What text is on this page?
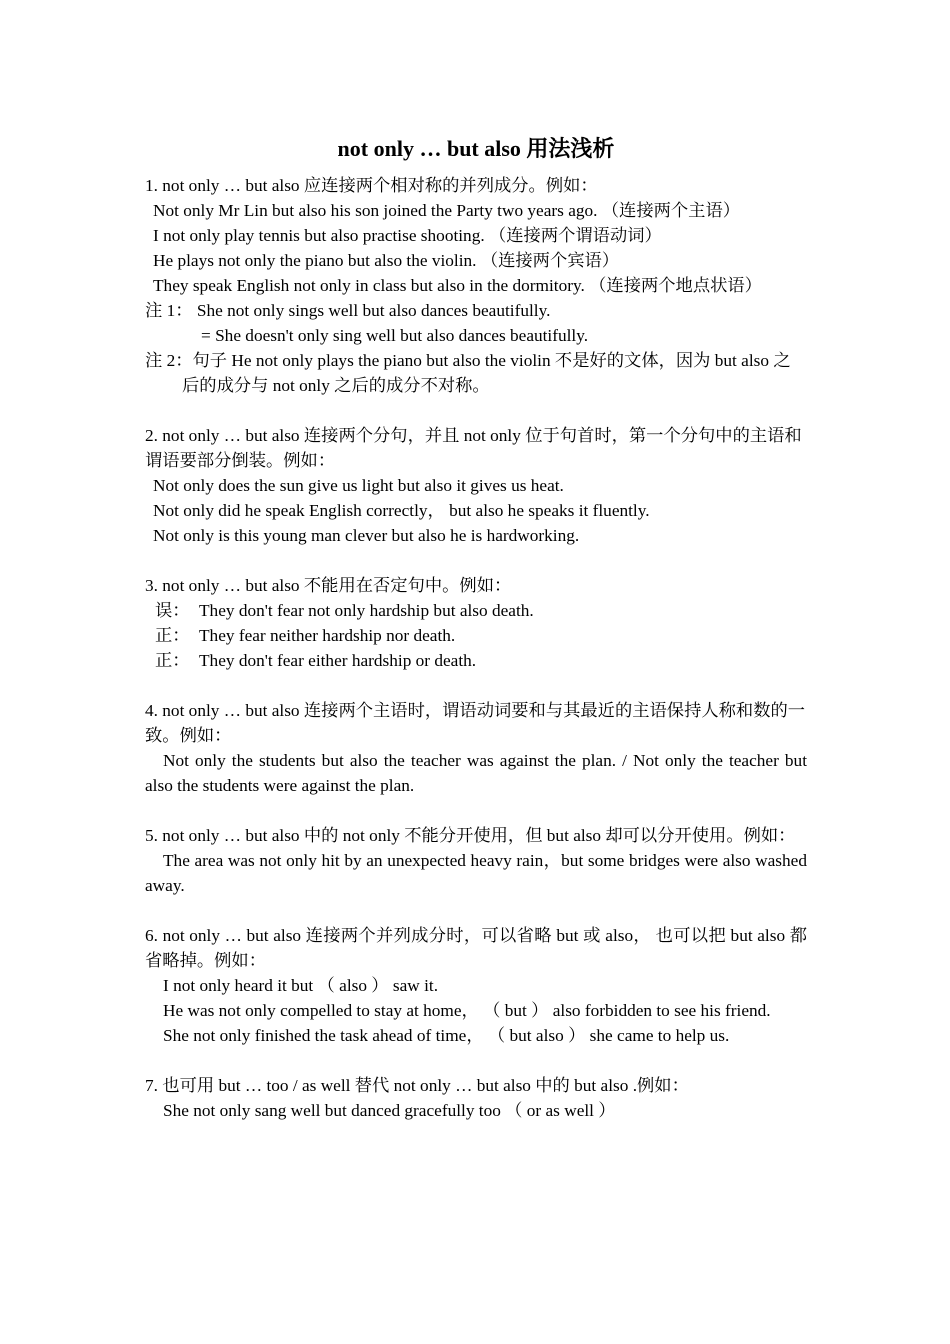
not only … but also 用法浅析
1. not only … but also 应连接两个相对称的并列成分。例如：
Not only Mr Lin but also his son joined the Party two years ago. （连接两个主语）
I not only play tennis but also practise shooting. （连接两个谓语动词）
He plays not only the piano but also the violin. （连接两个宾语）
They speak English not only in class but also in the dormitory. （连接两个地点状语）
注 1： She not only sings well but also dances beautifully.
= She doesn't only sing well but also dances beautifully.
注 2：句子 He not only plays the piano but also the violin 不是好的文体，因为 but also 之后的成分与 not only 之后的成分不对称。
2. not only … but also 连接两个分句，并且 not only 位于句首时，第一个分句中的主语和谓语要部分倒装。例如：
Not only does the sun give us light but also it gives us heat.
Not only did he speak English correctly， but also he speaks it fluently.
Not only is this young man clever but also he is hardworking.
3. not only … but also 不能用在否定句中。例如：
误： They don't fear not only hardship but also death.
正： They fear neither hardship nor death.
正： They don't fear either hardship or death.
4. not only … but also 连接两个主语时，谓语动词要和与其最近的主语保持人称和数的一致。例如：
Not only the students but also the teacher was against the plan. / Not only the teacher but also the students were against the plan.
5. not only … but also 中的 not only 不能分开使用，但 but also 却可以分开使用。例如：
The area was not only hit by an unexpected heavy rain，but some bridges were also washed away.
6. not only … but also 连接两个并列成分时，可以省略 but 或 also， 也可以把 but also 都省略掉。例如：
I not only heard it but （ also ） saw it.
He was not only compelled to stay at home， （ but ） also forbidden to see his friend.
She not only finished the task ahead of time， （ but also ） she came to help us.
7. 也可用 but … too / as well 替代 not only … but also 中的 but also .例如：
She not only sang well but danced gracefully too （ or as well ）
